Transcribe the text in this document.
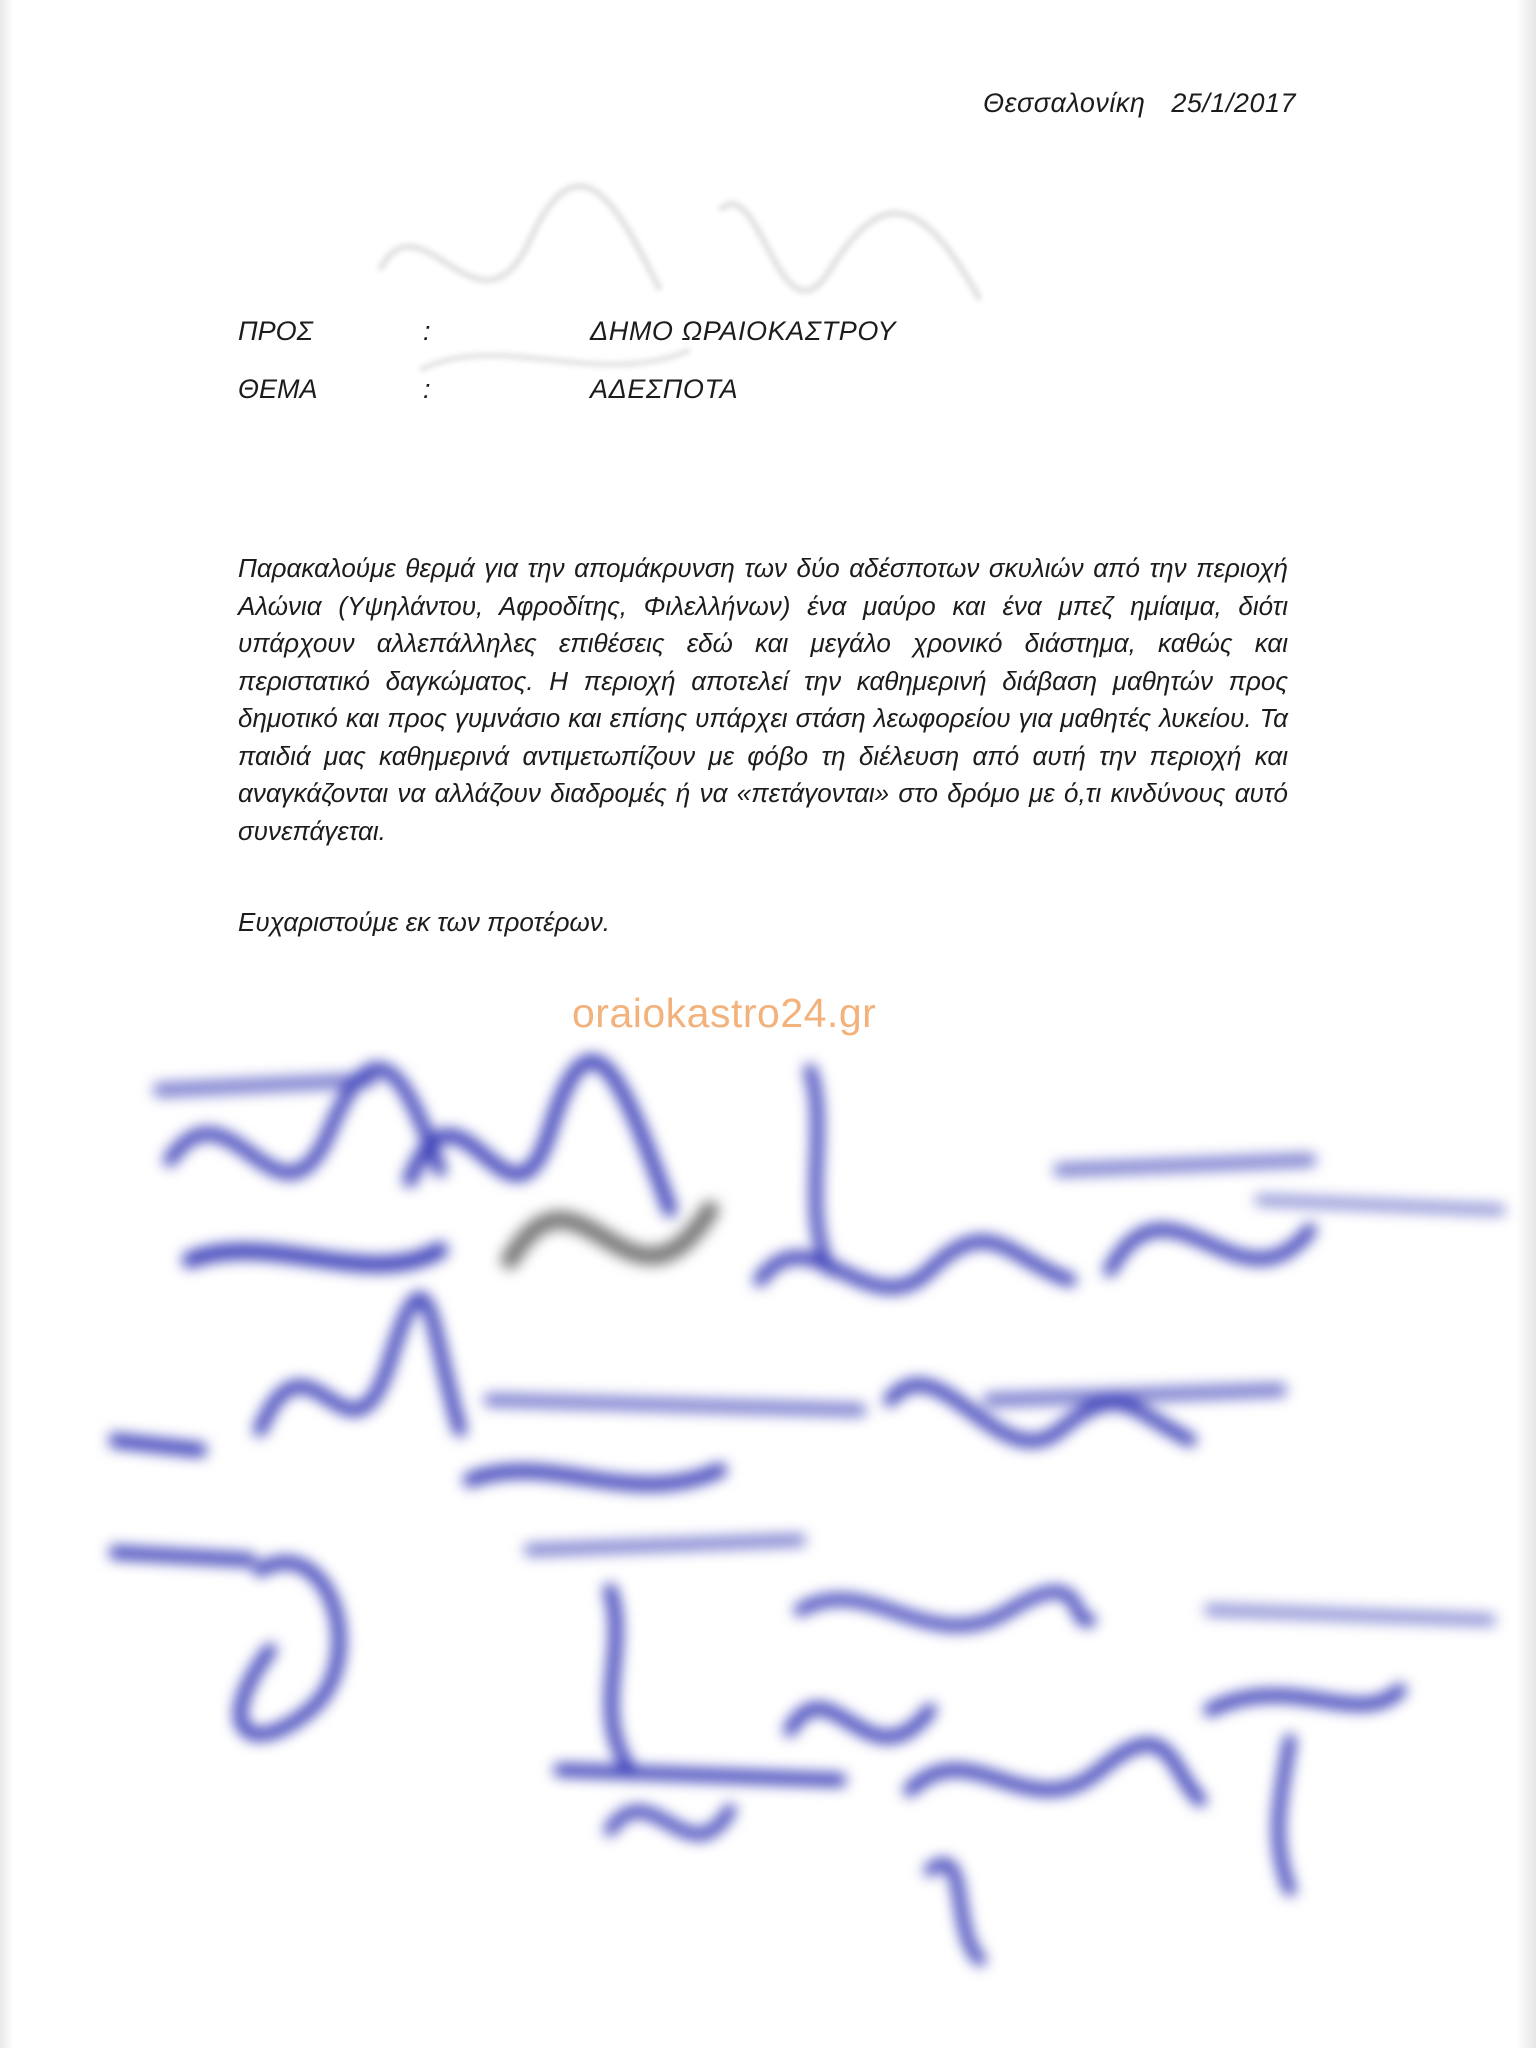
Θεσσαλονίκη 25/1/2017
ΠΡΟΣ	:	ΔΗΜΟ ΩΡΑΙΟΚΑΣΤΡΟΥ
ΘΕΜΑ	:	ΑΔΕΣΠΟΤΑ
Παρακαλούμε θερμά για την απομάκρυνση των δύο αδέσποτων σκυλιών από την περιοχή Αλώνια (Υψηλάντου, Αφροδίτης, Φιλελλήνων) ένα μαύρο και ένα μπεζ ημίαιμα, διότι υπάρχουν αλλεπάλληλες επιθέσεις εδώ και μεγάλο χρονικό διάστημα, καθώς και περιστατικό δαγκώματος. Η περιοχή αποτελεί την καθημερινή διάβαση μαθητών προς δημοτικό και προς γυμνάσιο και επίσης υπάρχει στάση λεωφορείου για μαθητές λυκείου. Τα παιδιά μας καθημερινά αντιμετωπίζουν με φόβο τη διέλευση από αυτή την περιοχή και αναγκάζονται να αλλάζουν διαδρομές ή να «πετάγονται» στο δρόμο με ό,τι κινδύνους αυτό συνεπάγεται.
Ευχαριστούμε εκ των προτέρων.
oraiokastro24.gr
